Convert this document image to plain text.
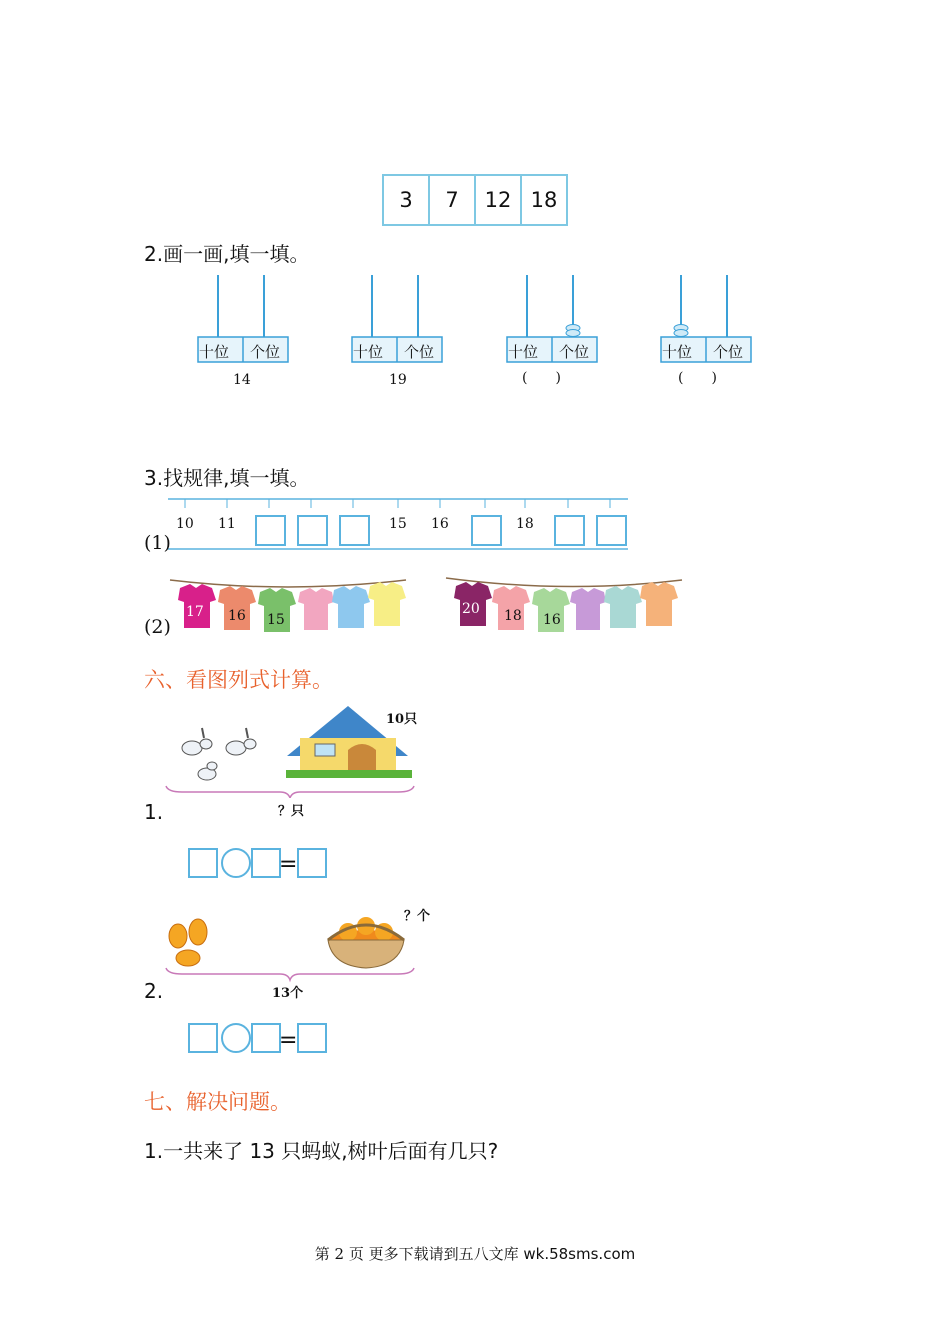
3	7	12 18
2.画一画,填一填。
十位 个位	十位 个位	十位 个位	十位 个位
14	19	(  )	(  )
3.找规律,填一填。
10 11	15 16	18
(1)
17 16 15
20 18 16
(2)
六、看图列式计算。
10只
？只
1.
=
？个
13个
2.
=
七、解决问题。
1.一共来了 13 只蚂蚁,树叶后面有几只?
第 2 页 更多下载请到五八文库 wk.58sms.com
